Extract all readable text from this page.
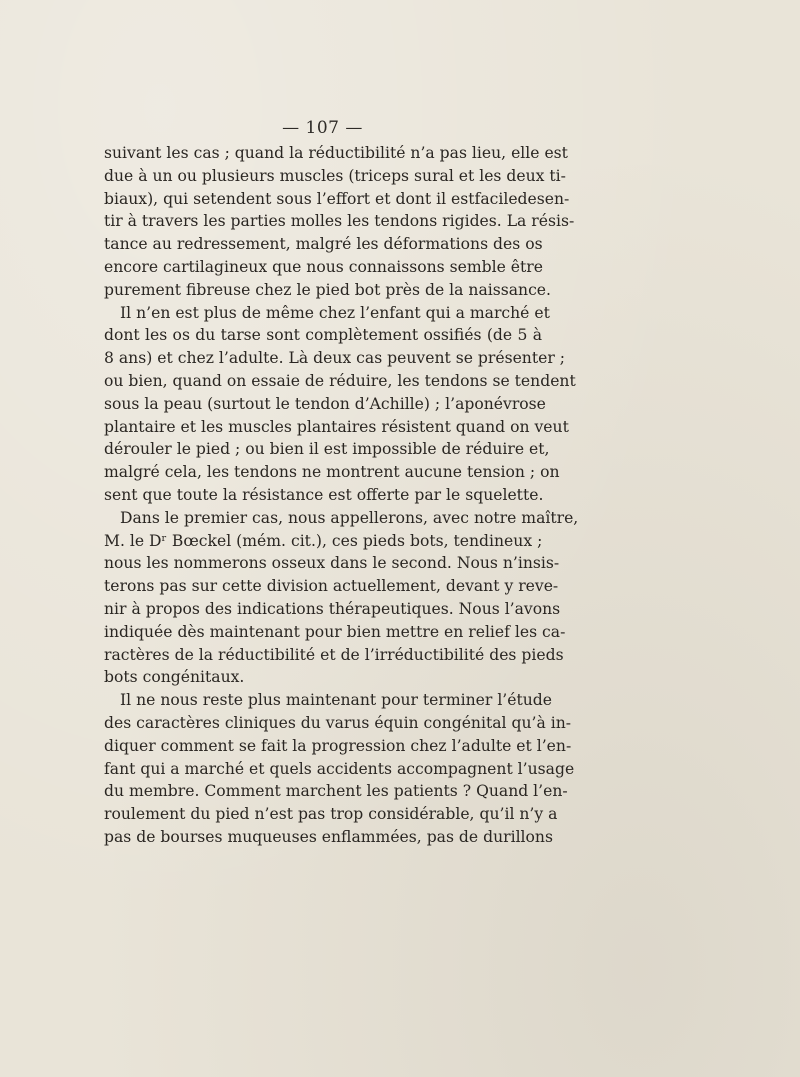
— 107 —
suivant les cas ; quand la réductibilité n’a pas lieu, elle est
due à un ou plusieurs muscles (triceps sural et les deux ti-
biaux), qui setendent sous l’effort et dont il estfaciledesen-
tir à travers les parties molles les tendons rigides. La résis-
tance au redressement, malgré les déformations des os
encore cartilagineux que nous connaissons semble être
purement fibreuse chez le pied bot près de la naissance.
Il n’en est plus de même chez l’enfant qui a marché et
dont les os du tarse sont complètement ossifiés (de 5 à
8 ans) et chez l’adulte. Là deux cas peuvent se présenter ;
ou bien, quand on essaie de réduire, les tendons se tendent
sous la peau (surtout le tendon d’Achille) ; l’aponévrose
plantaire et les muscles plantaires résistent quand on veut
dérouler le pied ; ou bien il est impossible de réduire et,
malgré cela, les tendons ne montrent aucune tension ; on
sent que toute la résistance est offerte par le squelette.
Dans le premier cas, nous appellerons, avec notre maître,
M. le Dʳ Bœckel (mém. cit.), ces pieds bots, tendineux ;
nous les nommerons osseux dans le second. Nous n’insis-
terons pas sur cette division actuellement, devant y reve-
nir à propos des indications thérapeutiques. Nous l’avons
indiquée dès maintenant pour bien mettre en relief les ca-
ractères de la réductibilité et de l’irréductibilité des pieds
bots congénitaux.
Il ne nous reste plus maintenant pour terminer l’étude
des caractères cliniques du varus équin congénital qu’à in-
diquer comment se fait la progression chez l’adulte et l’en-
fant qui a marché et quels accidents accompagnent l’usage
du membre. Comment marchent les patients ? Quand l’en-
roulement du pied n’est pas trop considérable, qu’il n’y a
pas de bourses muqueuses enflammées, pas de durillons
